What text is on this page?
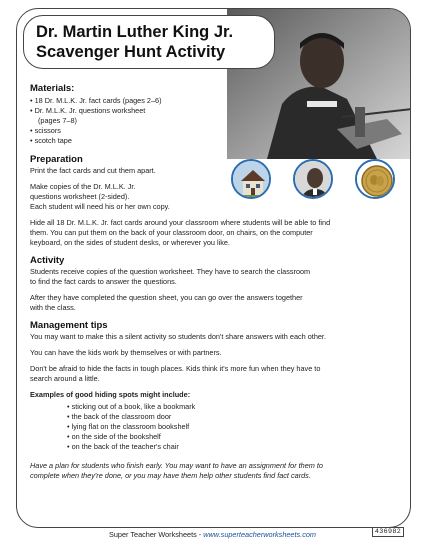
Dr. Martin Luther King Jr.
Scavenger Hunt Activity
Materials:
• 18 Dr. M.L.K. Jr. fact cards (pages 2–6)
• Dr. M.L.K. Jr. questions worksheet
(pages 7–8)
• scissors
• scotch tape
Preparation
Print the fact cards and cut them apart.
Make copies of the Dr. M.L.K. Jr.
questions worksheet (2-sided).
Each student will need his or her own copy.
Hide all 18 Dr. M.L.K. Jr. fact cards around your classroom where students will be able to find
them. You can put them on the back of your classroom door, on chairs, on the computer
keyboard, on the sides of student desks, or wherever you like.
Activity
Students receive copies of the question worksheet. They have to search the classroom
to find the fact cards to answer the questions.
After they have completed the question sheet, you can go over the answers together
with the class.
Management tips
You may want to make this a silent activity so students don't share answers with each other.
You can have the kids work by themselves or with partners.
Don't be afraid to hide the facts in tough places. Kids think it's more fun when they have to
search around a little.
Examples of good hiding spots might include:
• sticking out of a book, like a bookmark
• the back of the classroom door
• lying flat on the classroom bookshelf
• on the side of the bookshelf
• on the back of the teacher's chair
Have a plan for students who finish early. You may want to have an assignment for them to
complete when they're done, or you may have them help other students find fact cards.
Super Teacher Worksheets - www.superteacherworksheets.com	436982
